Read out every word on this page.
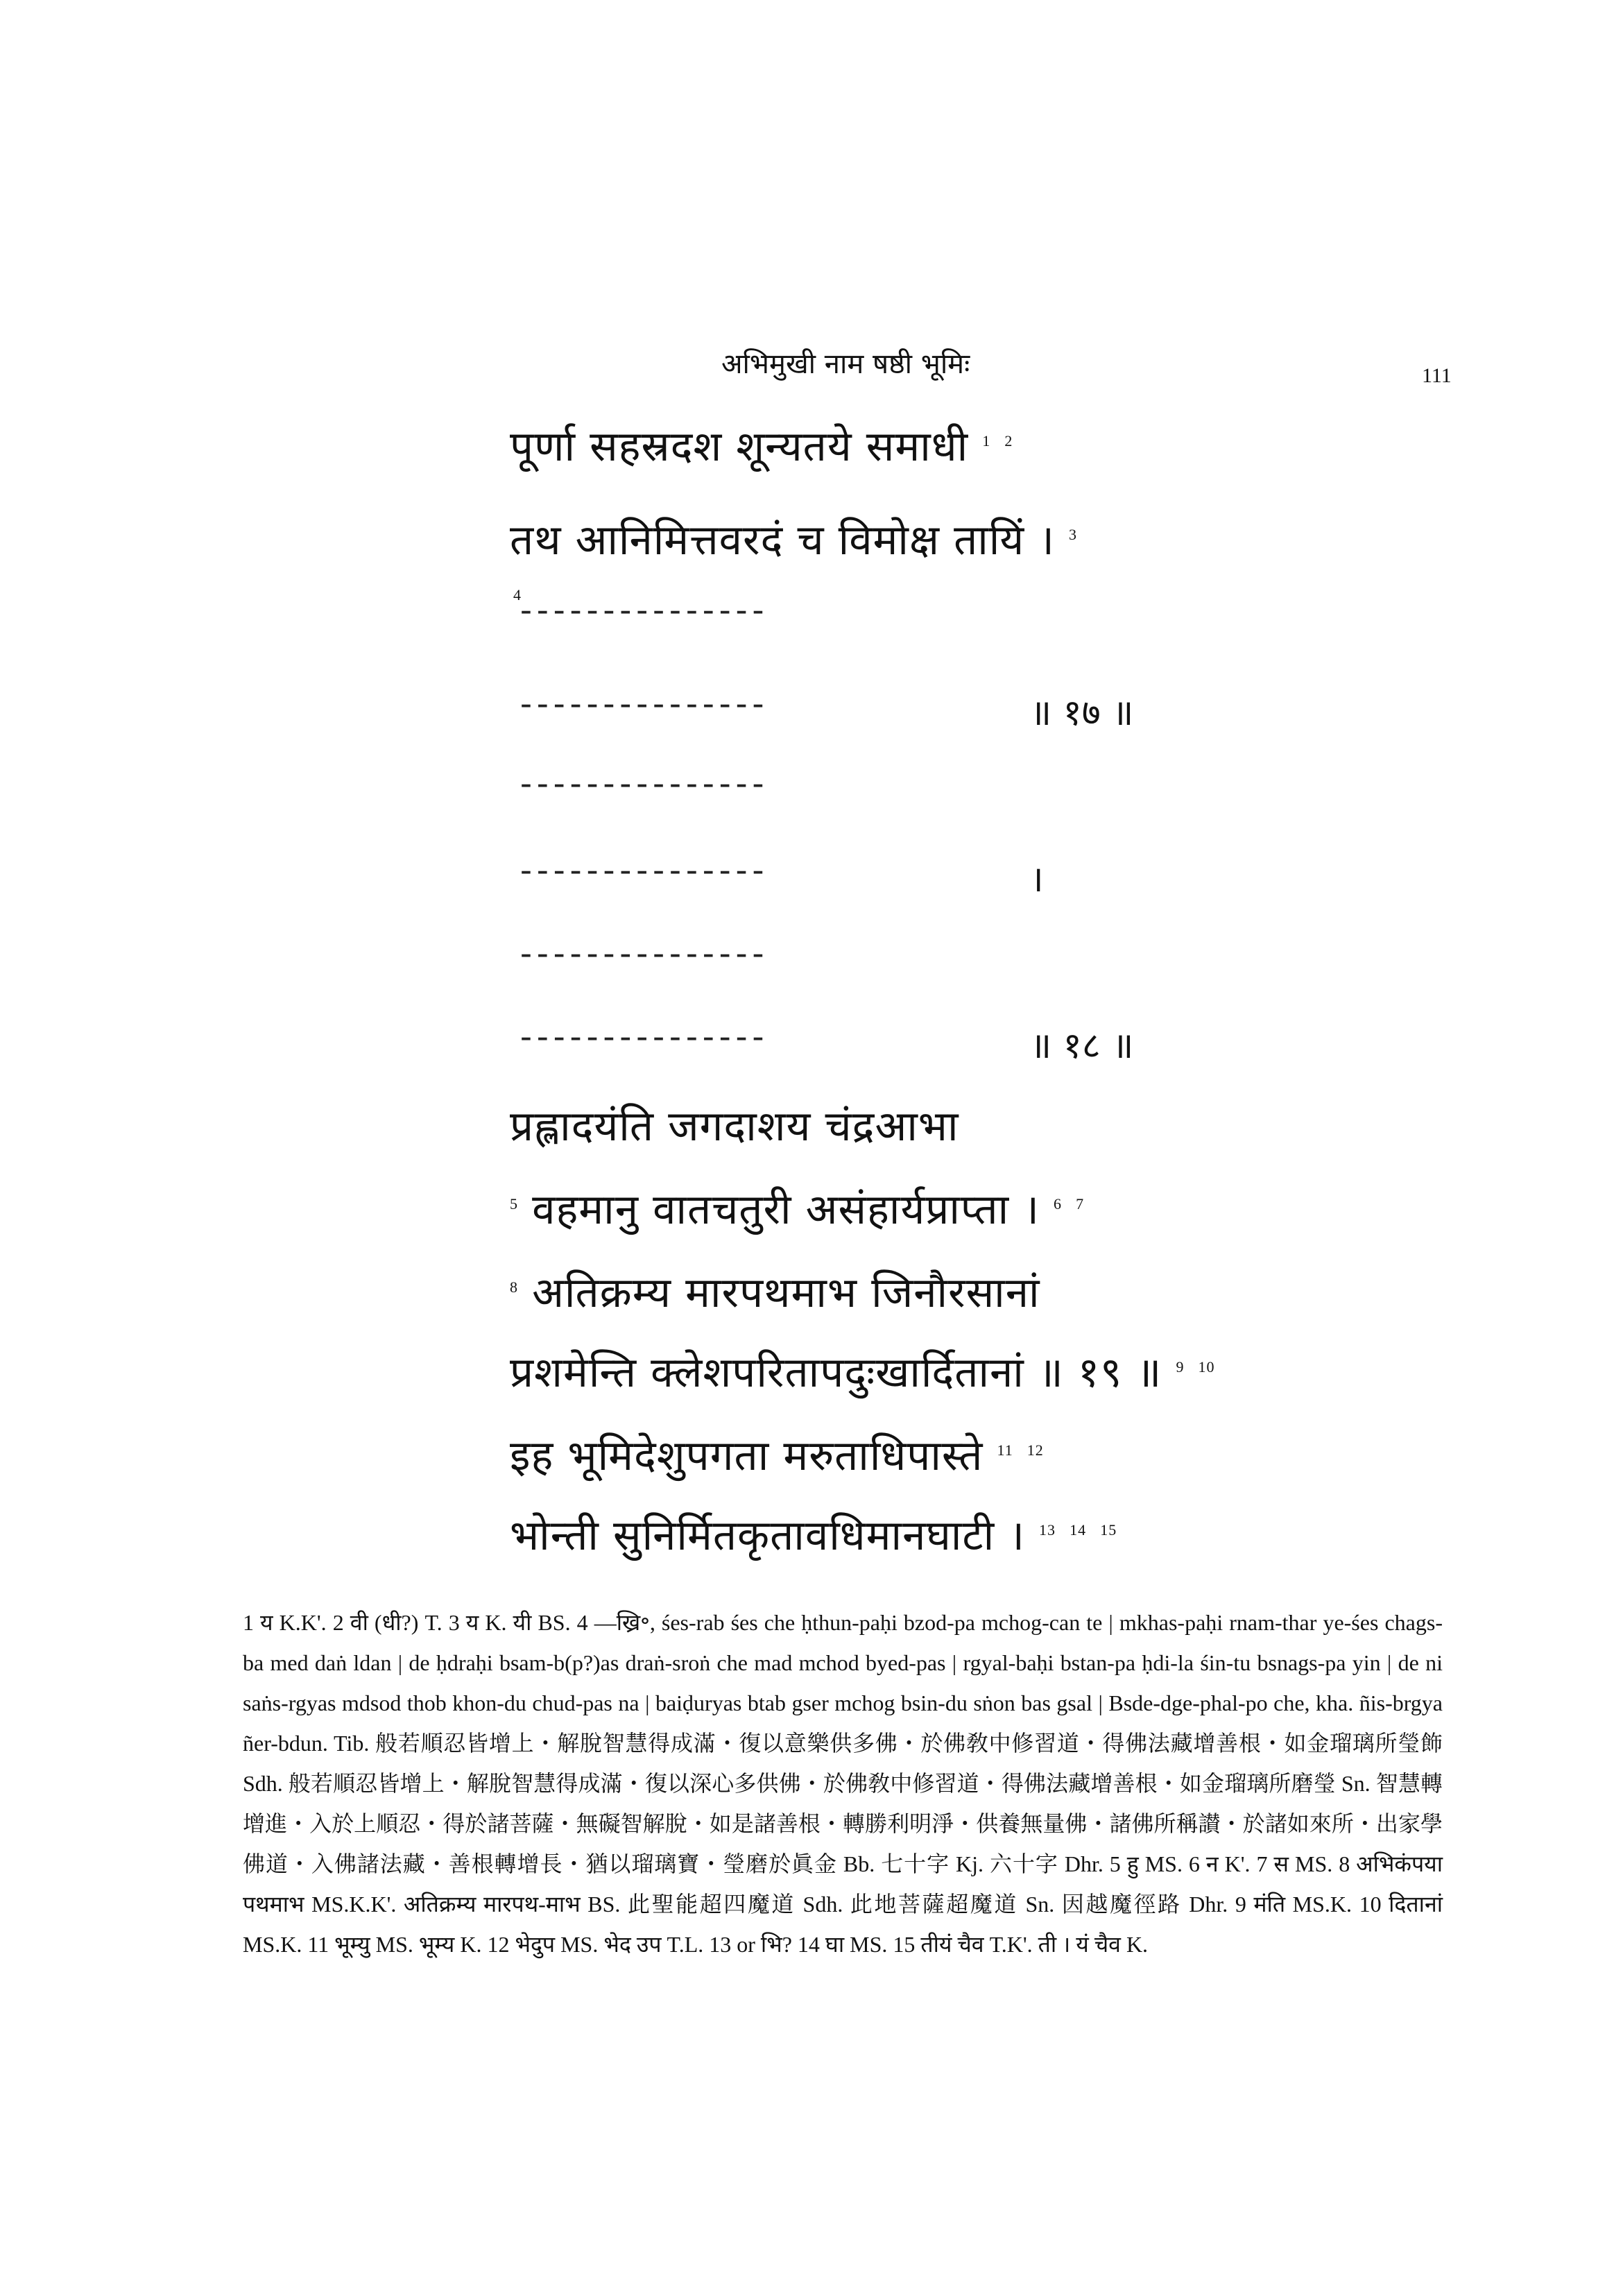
अभिमुखी नाम षष्ठी भूमिः	111
पूर्णा सहस्रदश शून्यतये समाधी $^1$ $^2$
तथ आनिमित्तवरदं च विमोक्ष तायिं । $^3$
4 ---------------
---------------	॥ १७ ॥
---------------
---------------	।
---------------
---------------	॥ १८ ॥
प्रह्लादयंति जगदाशय चंद्रआभा
$^5$ वहमानु वातचतुरी असंहार्यप्राप्ता । $^6$ $^7$
$^8$ अतिक्रम्य मारपथमाभ जिनौरसानां
प्रशमेन्ति क्लेशपरितापदुःखार्दितानां ॥ १९ ॥ $^9$ $^{10}$
इह भूमिदेशुपगता मरुताधिपास्ते $^{11}$ $^{12}$
भोन्ती सुनिर्मितकृतावधिमानघाटी । $^{13}$ $^{14}$ $^{15}$
1 य K.K'. 2 वी (धी?) T. 3 य K. यी BS. 4 —ख्रि॰, śes-rab śes che ḥthun-paḥi bzod-pa mchog-can te | mkhas-paḥi rnam-thar ye-śes chags-ba med daṅ ldan | de ḥdraḥi bsam-b(p?)as draṅ-sroṅ che mad mchod byed-pas | rgyal-baḥi bstan-pa ḥdi-la śin-tu bsnags-pa yin | de ni saṅs-rgyas mdsod thob khon-du chud-pas na | baiḍuryas btab gser mchog bsin-du sṅon bas gsal | Bsde-dge-phal-po che, kha. ñis-brgya ñer-bdun. Tib. 般若順忍皆增上・解脫智慧得成滿・復以意樂供多佛・於佛敎中修習道・得佛法藏增善根・如金瑠璃所瑩飾 Sdh. 般若順忍皆增上・解脫智慧得成滿・復以深心多供佛・於佛敎中修習道・得佛法藏增善根・如金瑠璃所磨瑩 Sn. 智慧轉增進・入於上順忍・得於諸菩薩・無礙智解脫・如是諸善根・轉勝利明淨・供養無量佛・諸佛所稱讃・於諸如來所・出家學佛道・入佛諸法藏・善根轉增長・猶以瑠璃寶・瑩磨於眞金 Bb. 七十字 Kj. 六十字 Dhr. 5 हु MS. 6 न K'. 7 स MS. 8 अभिकंपया पथमाभ MS.K.K'. अतिक्रम्य मारपथ-माभ BS. 此聖能超四魔道 Sdh. 此地菩薩超魔道 Sn. 因越魔徑路 Dhr. 9 मंति MS.K. 10 दितानां MS.K. 11 भूम्यु MS. भूम्य K. 12 भेदुप MS. भेद उप T.L. 13 or भि? 14 घा MS. 15 तीयं चैव T.K'. ती । यं चैव K.
